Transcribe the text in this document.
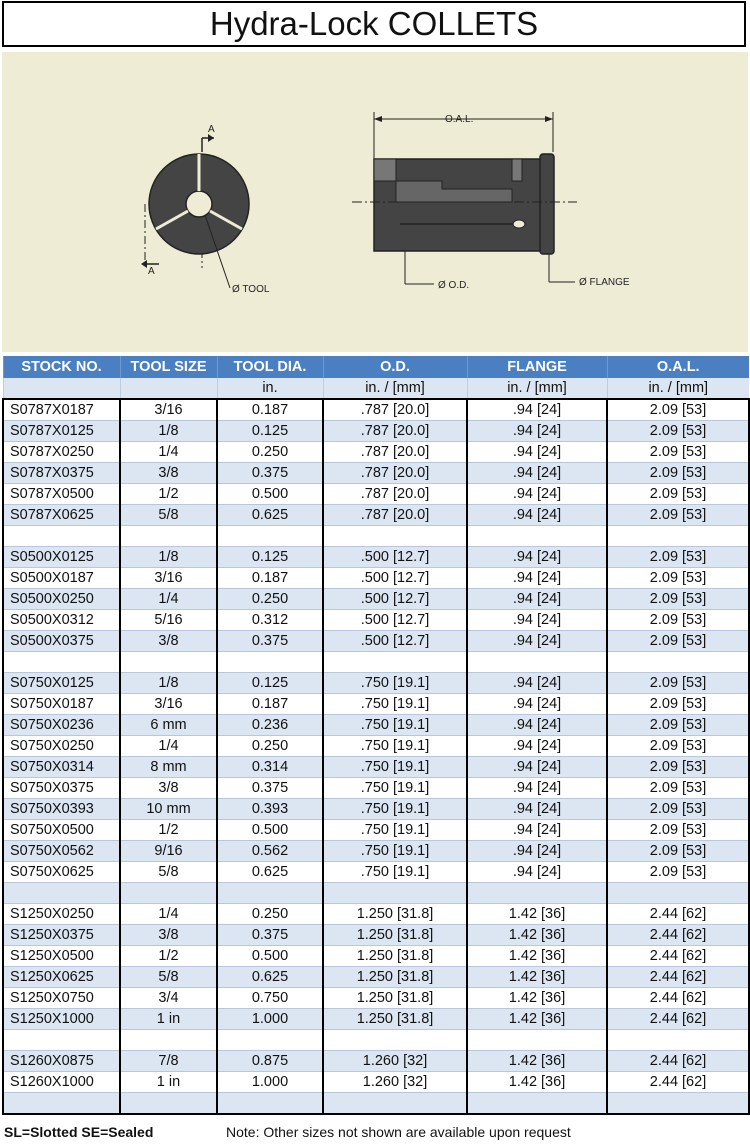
Hydra-Lock COLLETS
A
A
Ø TOOL
O.A.L.
Ø O.D.	Ø FLANGE
STOCK NO.	TOOL SIZE	TOOL DIA.	O.D.	FLANGE	O.A.L.
		in.	in. / [mm]	in. / [mm]	in. / [mm]
S0787X0187	3/16	0.187	.787 [20.0]	.94 [24]	2.09 [53]
S0787X0125	1/8	0.125	.787 [20.0]	.94 [24]	2.09 [53]
S0787X0250	1/4	0.250	.787 [20.0]	.94 [24]	2.09 [53]
S0787X0375	3/8	0.375	.787 [20.0]	.94 [24]	2.09 [53]
S0787X0500	1/2	0.500	.787 [20.0]	.94 [24]	2.09 [53]
S0787X0625	5/8	0.625	.787 [20.0]	.94 [24]	2.09 [53]

S0500X0125	1/8	0.125	.500 [12.7]	.94 [24]	2.09 [53]
S0500X0187	3/16	0.187	.500 [12.7]	.94 [24]	2.09 [53]
S0500X0250	1/4	0.250	.500 [12.7]	.94 [24]	2.09 [53]
S0500X0312	5/16	0.312	.500 [12.7]	.94 [24]	2.09 [53]
S0500X0375	3/8	0.375	.500 [12.7]	.94 [24]	2.09 [53]

S0750X0125	1/8	0.125	.750 [19.1]	.94 [24]	2.09 [53]
S0750X0187	3/16	0.187	.750 [19.1]	.94 [24]	2.09 [53]
S0750X0236	6 mm	0.236	.750 [19.1]	.94 [24]	2.09 [53]
S0750X0250	1/4	0.250	.750 [19.1]	.94 [24]	2.09 [53]
S0750X0314	8 mm	0.314	.750 [19.1]	.94 [24]	2.09 [53]
S0750X0375	3/8	0.375	.750 [19.1]	.94 [24]	2.09 [53]
S0750X0393	10 mm	0.393	.750 [19.1]	.94 [24]	2.09 [53]
S0750X0500	1/2	0.500	.750 [19.1]	.94 [24]	2.09 [53]
S0750X0562	9/16	0.562	.750 [19.1]	.94 [24]	2.09 [53]
S0750X0625	5/8	0.625	.750 [19.1]	.94 [24]	2.09 [53]

S1250X0250	1/4	0.250	1.250 [31.8]	1.42 [36]	2.44 [62]
S1250X0375	3/8	0.375	1.250 [31.8]	1.42 [36]	2.44 [62]
S1250X0500	1/2	0.500	1.250 [31.8]	1.42 [36]	2.44 [62]
S1250X0625	5/8	0.625	1.250 [31.8]	1.42 [36]	2.44 [62]
S1250X0750	3/4	0.750	1.250 [31.8]	1.42 [36]	2.44 [62]
S1250X1000	1 in	1.000	1.250 [31.8]	1.42 [36]	2.44 [62]

S1260X0875	7/8	0.875	1.260 [32]	1.42 [36]	2.44 [62]
S1260X1000	1 in	1.000	1.260 [32]	1.42 [36]	2.44 [62]

SL=Slotted SE=Sealed	Note: Other sizes not shown are available upon request
